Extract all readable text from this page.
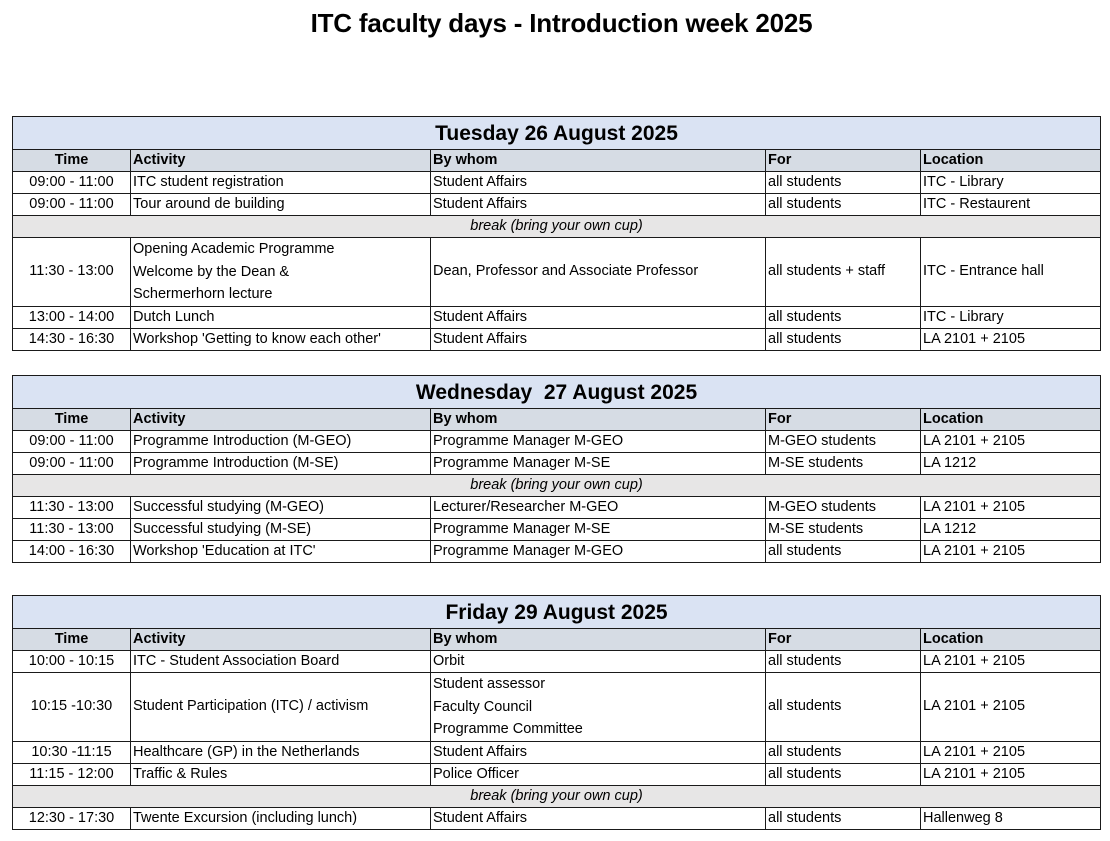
ITC faculty days - Introduction week 2025
Tuesday 26 August 2025				
Time	Activity	By whom	For	Location
09:00 - 11:00	ITC student registration	Student Affairs	all students	ITC - Library
09:00 - 11:00	Tour around de building	Student Affairs	all students	ITC - Restaurent
break (bring your own cup)				
11:30 - 13:00	Opening Academic Programme
Welcome by the Dean &
Schermerhorn lecture	Dean, Professor and Associate Professor	all students + staff	ITC - Entrance hall
13:00 - 14:00	Dutch Lunch	Student Affairs	all students	ITC - Library
14:30 - 16:30	Workshop 'Getting to know each other'	Student Affairs	all students	LA 2101 + 2105
Wednesday  27 August 2025				
Time	Activity	By whom	For	Location
09:00 - 11:00	Programme Introduction (M-GEO)	Programme Manager M-GEO	M-GEO students	LA 2101 + 2105
09:00 - 11:00	Programme Introduction (M-SE)	Programme Manager M-SE	M-SE students	LA 1212
break (bring your own cup)				
11:30 - 13:00	Successful studying (M-GEO)	Lecturer/Researcher M-GEO	M-GEO students	LA 2101 + 2105
11:30 - 13:00	Successful studying (M-SE)	Programme Manager M-SE	M-SE students	LA 1212
14:00 - 16:30	Workshop 'Education at ITC'	Programme Manager M-GEO	all students	LA 2101 + 2105
Friday 29 August 2025				
Time	Activity	By whom	For	Location
10:00 - 10:15	ITC - Student Association Board	Orbit	all students	LA 2101 + 2105
10:15 -10:30	Student Participation (ITC) / activism	Student assessor
Faculty Council
Programme Committee	all students	LA 2101 + 2105
10:30 -11:15	Healthcare (GP) in the Netherlands	Student Affairs	all students	LA 2101 + 2105
11:15 - 12:00	Traffic & Rules	Police Officer	all students	LA 2101 + 2105
break (bring your own cup)				
12:30 - 17:30	Twente Excursion (including lunch)	Student Affairs	all students	Hallenweg 8
